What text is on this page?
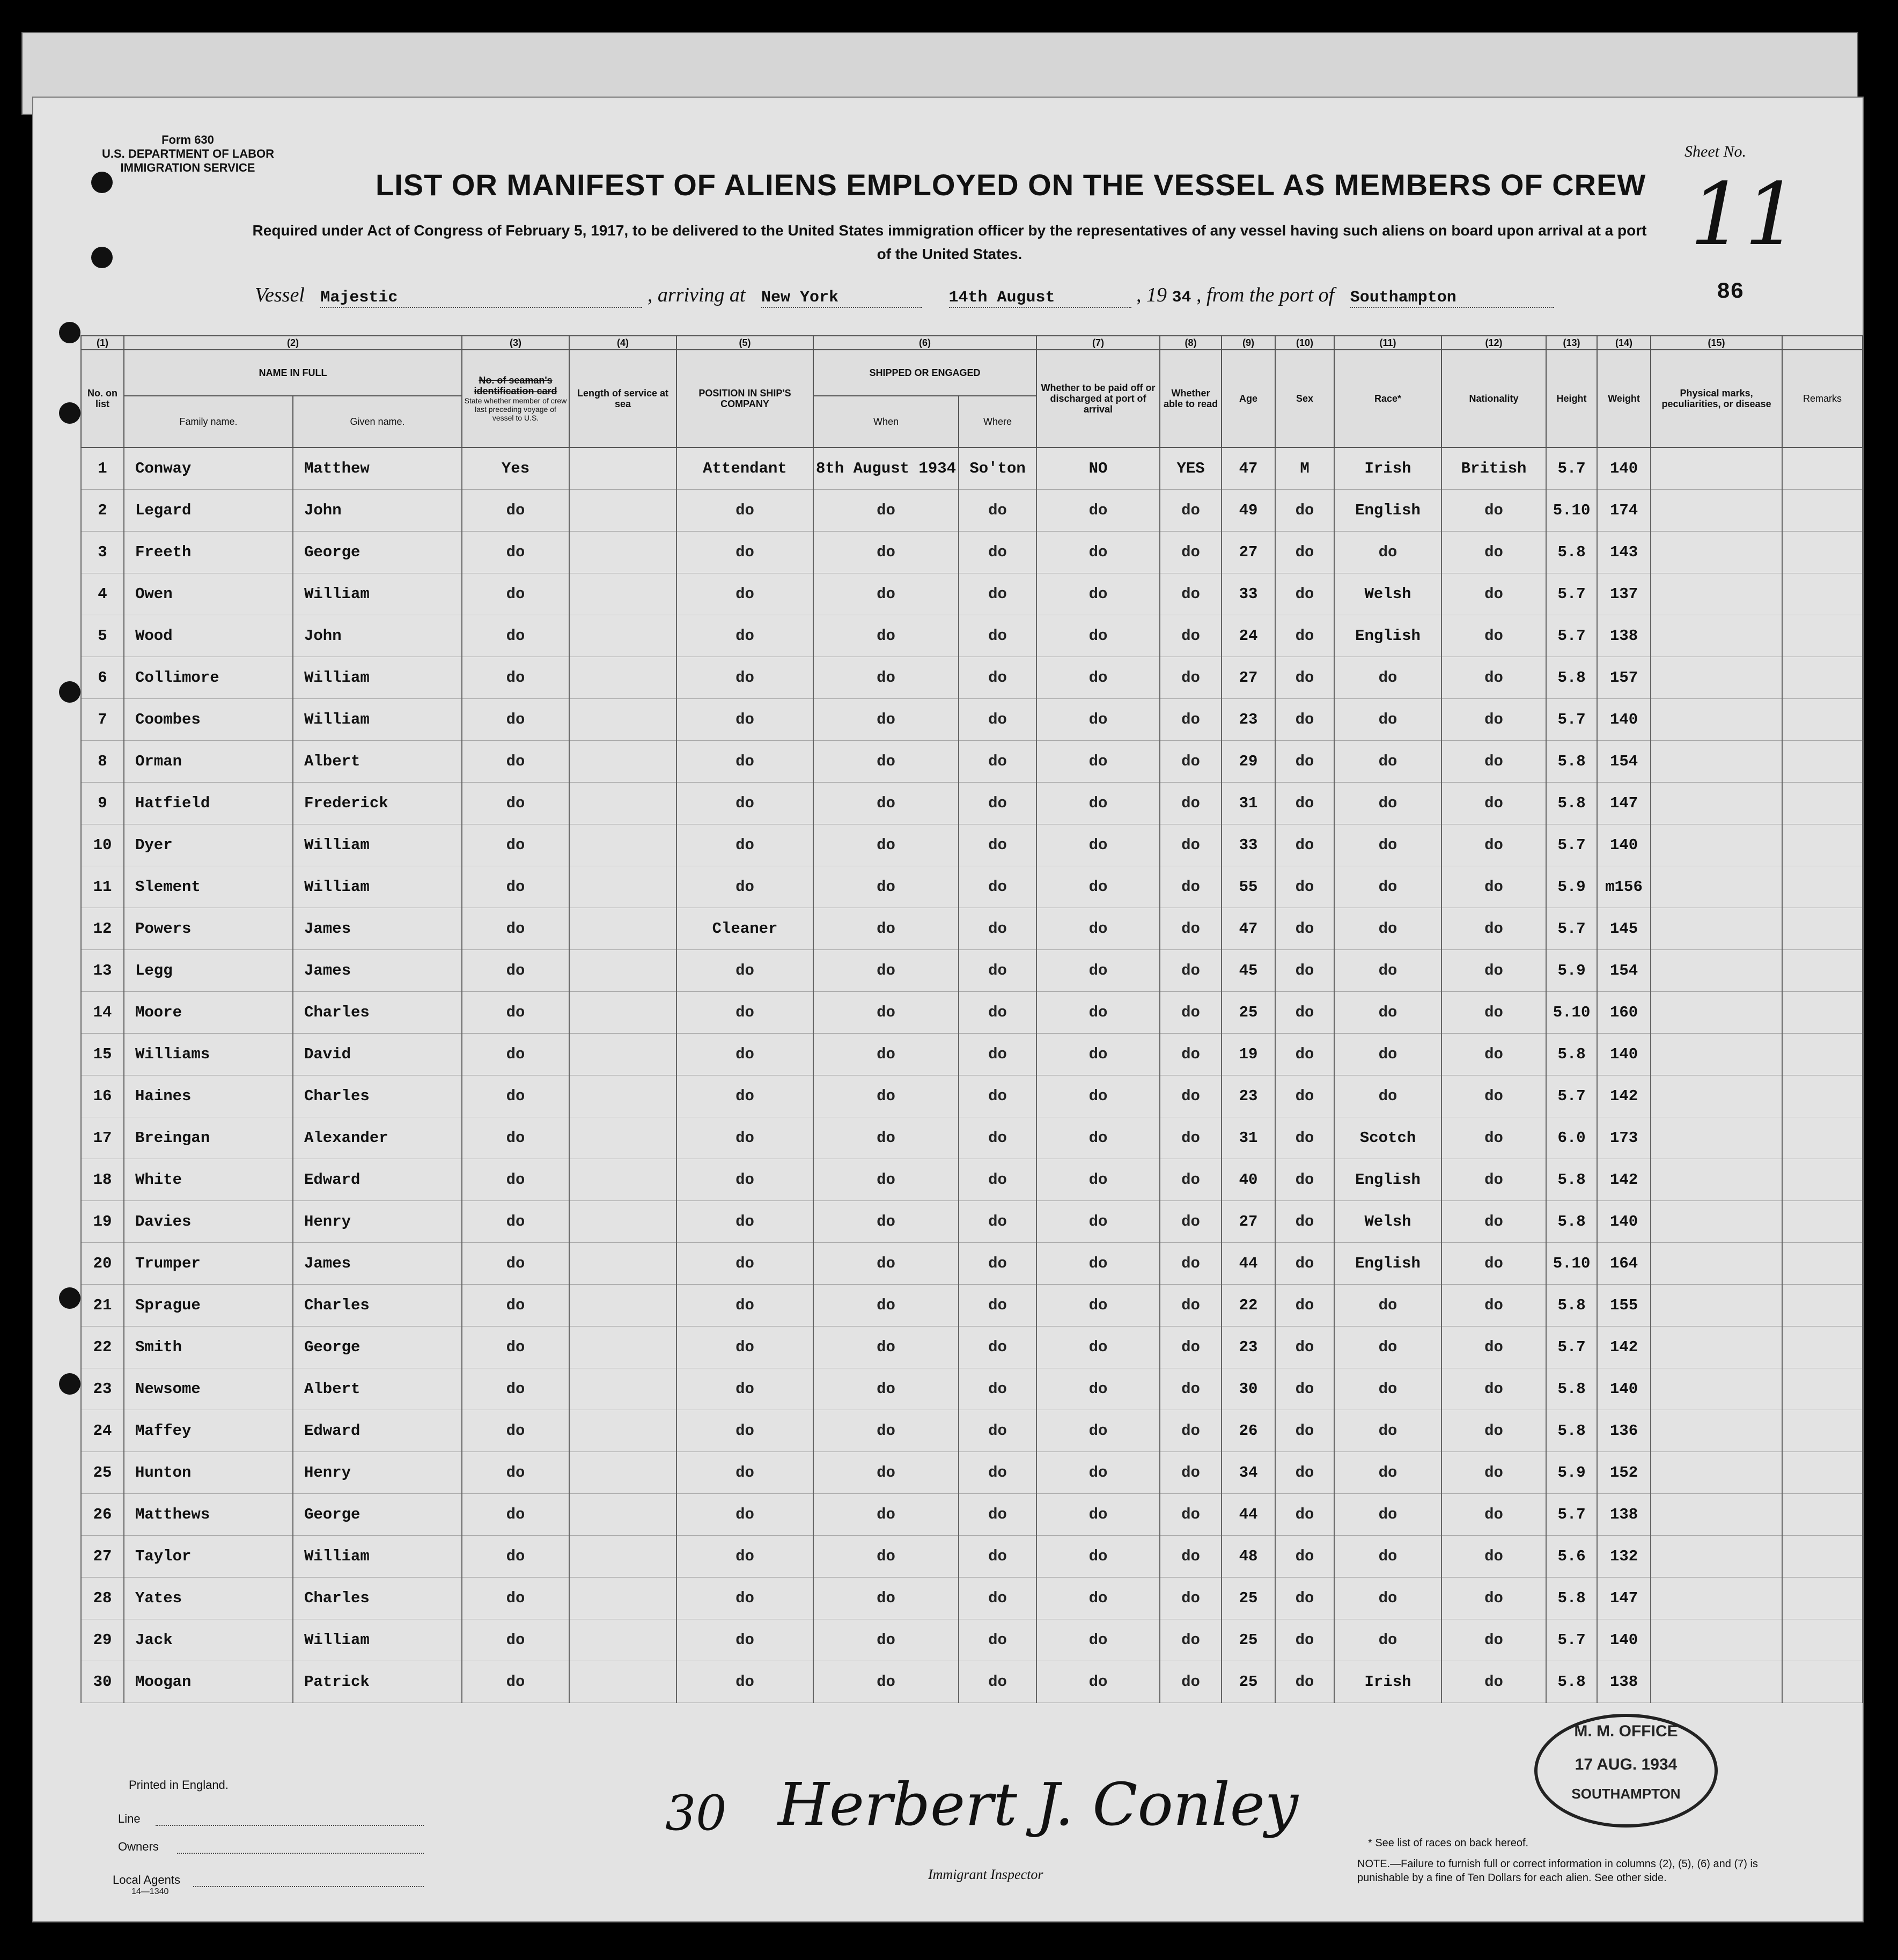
Form 630
U.S. DEPARTMENT OF LABOR
IMMIGRATION SERVICE
Sheet No.
11
LIST OR MANIFEST OF ALIENS EMPLOYED ON THE VESSEL AS MEMBERS OF CREW
Required under Act of Congress of February 5, 1917, to be delivered to the United States immigration officer by the representatives of any vessel having such aliens on board upon arrival at a port of the United States.
Vessel Majestic	, arriving at New York	14th August	, 19 34 , from the port of Southampton	86
(1)	(2)		(3)	(4)	(5)	(6)		(7)	(8)	(9)	(10)	(11)	(12)	(13)	(14)	(15)	
No. on list	NAME IN FULL		No. of seaman's identification card
State whether member of crew last preceding voyage of vessel to U.S.	Length of service at sea	POSITION IN SHIP'S COMPANY	SHIPPED OR ENGAGED		Whether to be paid off or discharged at port of arrival	Whether able to read	Age	Sex	Race*	Nationality	Height	Weight	Physical marks, peculiarities, or disease	Remarks
	Family name.	Given name.				When	Where										
1	Conway	Matthew	Yes		Attendant	8th August 1934	So'ton	NO	YES	47	M	Irish	British	5.7	140		
2	Legard	John	do		do	do	do	do	do	49	do	English	do	5.10	174		
3	Freeth	George	do		do	do	do	do	do	27	do	do	do	5.8	143		
4	Owen	William	do		do	do	do	do	do	33	do	Welsh	do	5.7	137		
5	Wood	John	do		do	do	do	do	do	24	do	English	do	5.7	138		
6	Collimore	William	do		do	do	do	do	do	27	do	do	do	5.8	157		
7	Coombes	William	do		do	do	do	do	do	23	do	do	do	5.7	140		
8	Orman	Albert	do		do	do	do	do	do	29	do	do	do	5.8	154		
9	Hatfield	Frederick	do		do	do	do	do	do	31	do	do	do	5.8	147		
10	Dyer	William	do		do	do	do	do	do	33	do	do	do	5.7	140		
11	Slement	William	do		do	do	do	do	do	55	do	do	do	5.9	m156		
12	Powers	James	do		Cleaner	do	do	do	do	47	do	do	do	5.7	145		
13	Legg	James	do		do	do	do	do	do	45	do	do	do	5.9	154		
14	Moore	Charles	do		do	do	do	do	do	25	do	do	do	5.10	160		
15	Williams	David	do		do	do	do	do	do	19	do	do	do	5.8	140		
16	Haines	Charles	do		do	do	do	do	do	23	do	do	do	5.7	142		
17	Breingan	Alexander	do		do	do	do	do	do	31	do	Scotch	do	6.0	173		
18	White	Edward	do		do	do	do	do	do	40	do	English	do	5.8	142		
19	Davies	Henry	do		do	do	do	do	do	27	do	Welsh	do	5.8	140		
20	Trumper	James	do		do	do	do	do	do	44	do	English	do	5.10	164		
21	Sprague	Charles	do		do	do	do	do	do	22	do	do	do	5.8	155		
22	Smith	George	do		do	do	do	do	do	23	do	do	do	5.7	142		
23	Newsome	Albert	do		do	do	do	do	do	30	do	do	do	5.8	140		
24	Maffey	Edward	do		do	do	do	do	do	26	do	do	do	5.8	136		
25	Hunton	Henry	do		do	do	do	do	do	34	do	do	do	5.9	152		
26	Matthews	George	do		do	do	do	do	do	44	do	do	do	5.7	138		
27	Taylor	William	do		do	do	do	do	do	48	do	do	do	5.6	132		
28	Yates	Charles	do		do	do	do	do	do	25	do	do	do	5.8	147		
29	Jack	William	do		do	do	do	do	do	25	do	do	do	5.7	140		
30	Moogan	Patrick	do		do	do	do	do	do	25	do	Irish	do	5.8	138		
Printed in England.
Line
Owners
Local Agents
14—1340
30 Herbert J. Conley
Immigrant Inspector
* See list of races on back hereof.
NOTE.—Failure to furnish full or correct information in columns (2), (5), (6) and (7) is punishable by a fine of Ten Dollars for each alien. See other side.
M. M. OFFICE
17 AUG. 1934
SOUTHAMPTON
